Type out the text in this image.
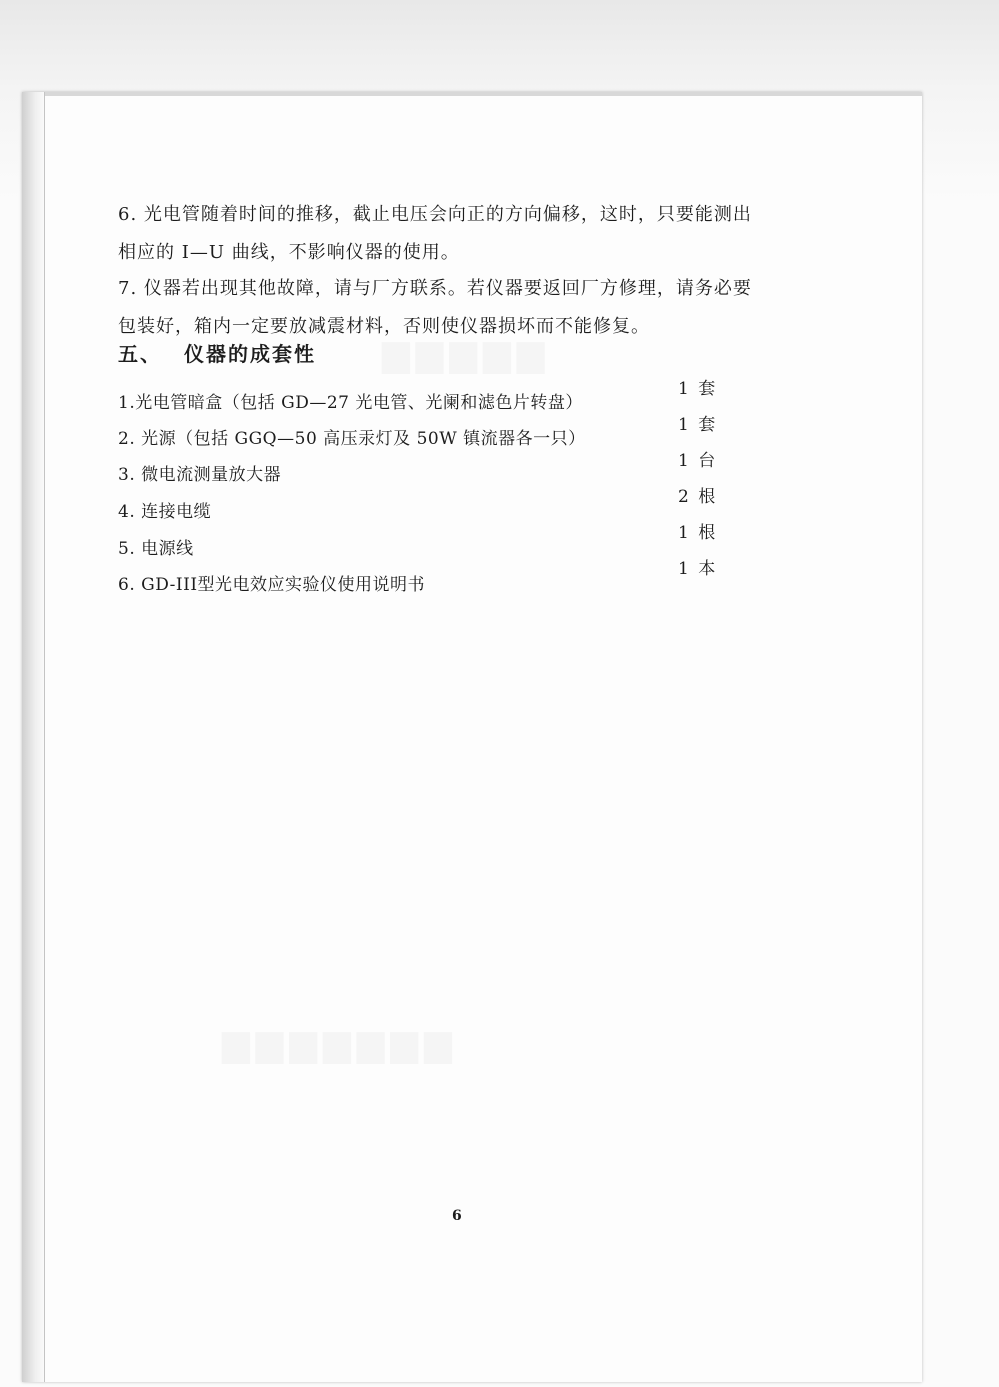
▆▆▆▆▆
▆▆▆▆▆▆▆

6. 光电管随着时间的推移，截止电压会向正的方向偏移，这时，只要能测出
相应的 I—U 曲线，不影响仪器的使用。

7. 仪器若出现其他故障，请与厂方联系。若仪器要返回厂方修理，请务必要
包装好，箱内一定要放减震材料，否则使仪器损坏而不能修复。

五、 仪器的成套性
1.光电管暗盒（包括 GD—27 光电管、光阑和滤色片转盘）
1 套
2. 光源（包括 GGQ—50 高压汞灯及 50W 镇流器各一只）
1 套
3. 微电流测量放大器
1 台
4. 连接电缆
2 根
5. 电源线
1 根
6. GD-III型光电效应实验仪使用说明书
1 本
6
